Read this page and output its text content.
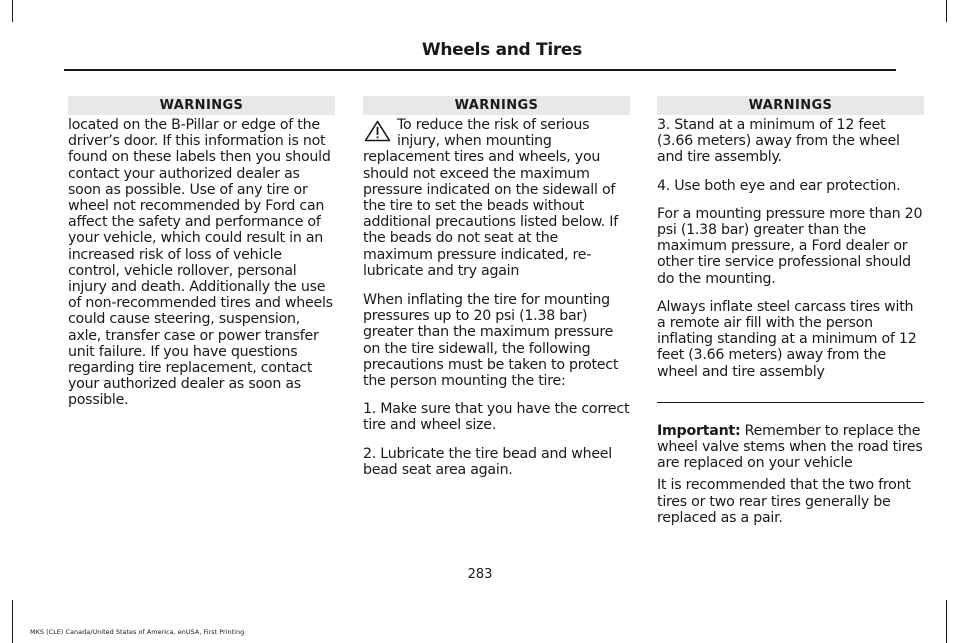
Wheels and Tires
WARNINGS

located on the B-Pillar or edge of the driver’s door. If this information is not found on these labels then you should contact your authorized dealer as soon as possible. Use of any tire or wheel not recommended by Ford can affect the safety and performance of your vehicle, which could result in an increased risk of loss of vehicle control, vehicle rollover, personal injury and death. Additionally the use of non-recommended tires and wheels could cause steering, suspension, axle, transfer case or power transfer unit failure. If you have questions regarding tire replacement, contact your authorized dealer as soon as possible.

WARNINGS

To reduce the risk of serious injury, when mounting replacement tires and wheels, you should not exceed the maximum pressure indicated on the sidewall of the tire to set the beads without additional precautions listed below. If the beads do not seat at the maximum pressure indicated, re-lubricate and try again

When inflating the tire for mounting pressures up to 20 psi (1.38 bar) greater than the maximum pressure on the tire sidewall, the following precautions must be taken to protect the person mounting the tire:

1. Make sure that you have the correct tire and wheel size.

2. Lubricate the tire bead and wheel bead seat area again.

WARNINGS

3. Stand at a minimum of 12 feet (3.66 meters) away from the wheel and tire assembly.

4. Use both eye and ear protection.

For a mounting pressure more than 20 psi (1.38 bar) greater than the maximum pressure, a Ford dealer or other tire service professional should do the mounting.

Always inflate steel carcass tires with a remote air fill with the person inflating standing at a minimum of 12 feet (3.66 meters) away from the wheel and tire assembly

Important: Remember to replace the wheel valve stems when the road tires are replaced on your vehicle

It is recommended that the two front tires or two rear tires generally be replaced as a pair.

283
MKS (CLE) Canada/United States of America, enUSA, First Printing
